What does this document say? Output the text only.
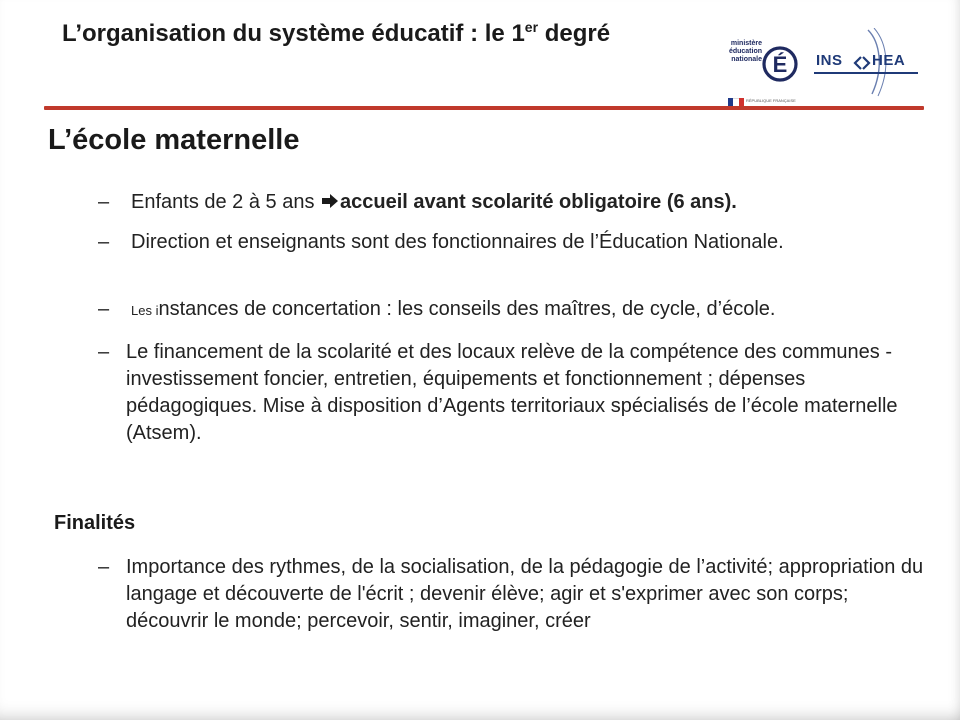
L’organisation du système éducatif : le 1er degré	ministère éducation nationale É
RÉPUBLIQUE FRANÇAISE
INS HEA
L’école maternelle
– Enfants de 2 à 5 ans accueil avant scolarité obligatoire (6 ans).
– Direction et enseignants sont des fonctionnaires de l’Éducation Nationale.
–	Les instances de concertation : les conseils des maîtres, de cycle, d’école.
– Le financement de la scolarité et des locaux relève de la compétence des communes - investissement foncier, entretien, équipements et fonctionnement ; dépenses pédagogiques. Mise à disposition d’Agents territoriaux spécialisés de l’école maternelle (Atsem).
Finalités
– Importance des rythmes, de la socialisation, de la pédagogie de l’activité; appropriation du langage et découverte de l'écrit ; devenir élève; agir et s'exprimer avec son corps; découvrir le monde; percevoir, sentir, imaginer, créer
